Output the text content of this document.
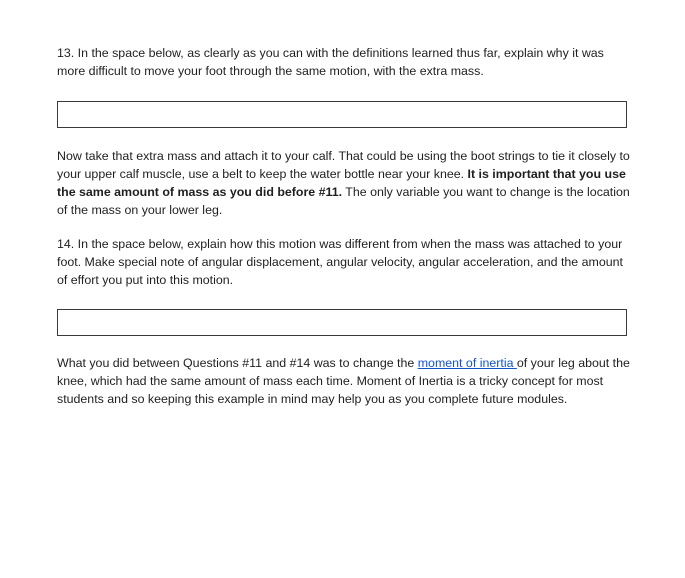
13. In the space below, as clearly as you can with the definitions learned thus far, explain why it was more difficult to move your foot through the same motion, with the extra mass.

Now take that extra mass and attach it to your calf. That could be using the boot strings to tie it closely to your upper calf muscle, use a belt to keep the water bottle near your knee. It is important that you use the same amount of mass as you did before #11. The only variable you want to change is the location of the mass on your lower leg.

14. In the space below, explain how this motion was different from when the mass was attached to your foot. Make special note of angular displacement, angular velocity, angular acceleration, and the amount of effort you put into this motion.

What you did between Questions #11 and #14 was to change the moment of inertia of your leg about the knee, which had the same amount of mass each time. Moment of Inertia is a tricky concept for most students and so keeping this example in mind may help you as you complete future modules.
